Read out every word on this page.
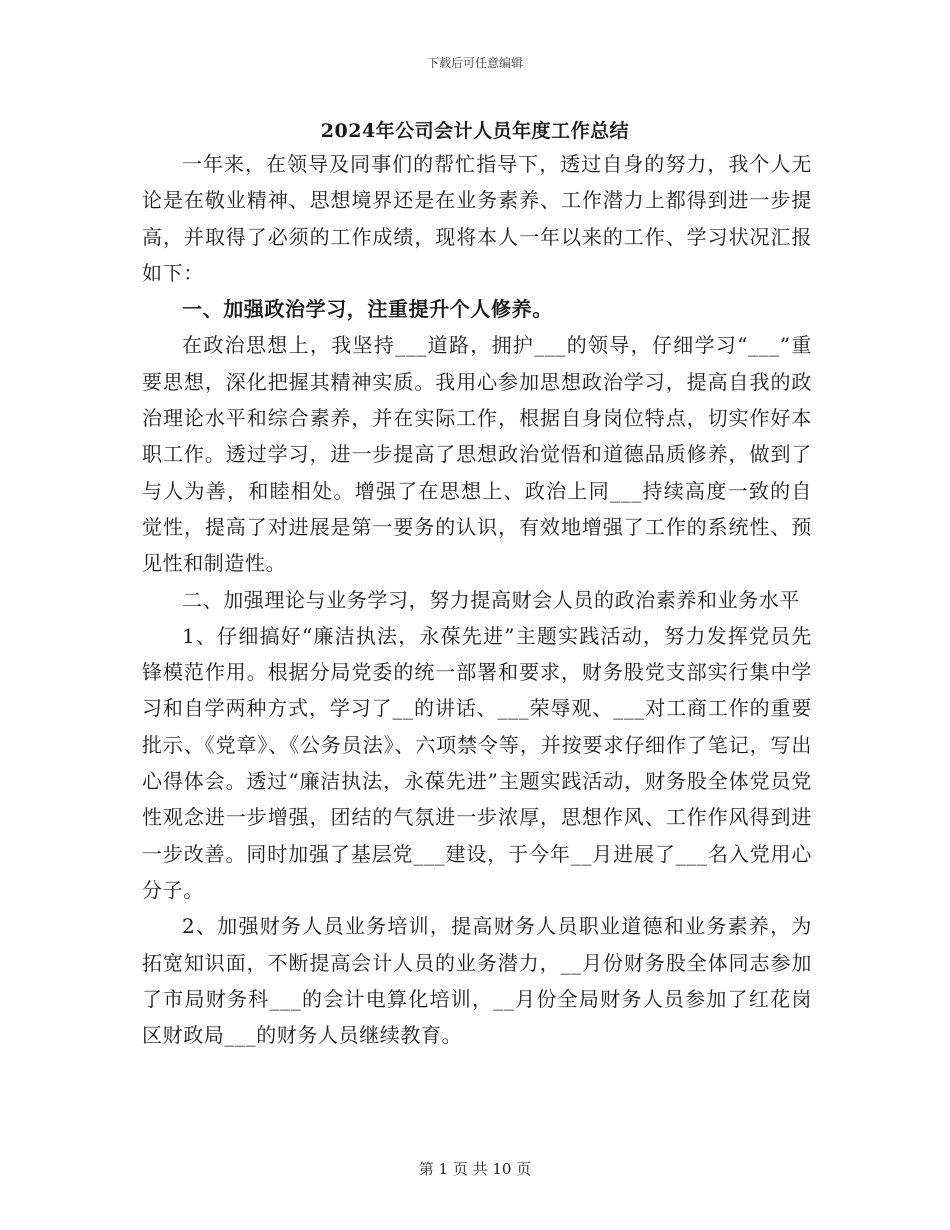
下载后可任意编辑
2024年公司会计人员年度工作总结

一年来，在领导及同事们的帮忙指导下，透过自身的努力，我个人无论是在敬业精神、思想境界还是在业务素养、工作潜力上都得到进一步提高，并取得了必须的工作成绩，现将本人一年以来的工作、学习状况汇报如下：

一、加强政治学习，注重提升个人修养。

在政治思想上，我坚持___道路，拥护___的领导，仔细学习“___”重要思想，深化把握其精神实质。我用心参加思想政治学习，提高自我的政治理论水平和综合素养，并在实际工作，根据自身岗位特点，切实作好本职工作。透过学习，进一步提高了思想政治觉悟和道德品质修养，做到了与人为善，和睦相处。增强了在思想上、政治上同___持续高度一致的自觉性，提高了对进展是第一要务的认识，有效地增强了工作的系统性、预见性和制造性。

二、加强理论与业务学习，努力提高财会人员的政治素养和业务水平

1、仔细搞好“廉洁执法，永葆先进”主题实践活动，努力发挥党员先锋模范作用。根据分局党委的统一部署和要求，财务股党支部实行集中学习和自学两种方式，学习了__的讲话、___荣辱观、___对工商工作的重要批示、《党章》、《公务员法》、六项禁令等，并按要求仔细作了笔记，写出心得体会。透过“廉洁执法，永葆先进”主题实践活动，财务股全体党员党性观念进一步增强，团结的气氛进一步浓厚，思想作风、工作作风得到进一步改善。同时加强了基层党___建设，于今年__月进展了___名入党用心分子。

2、加强财务人员业务培训，提高财务人员职业道德和业务素养，为拓宽知识面，不断提高会计人员的业务潜力，__月份财务股全体同志参加了市局财务科___的会计电算化培训，__月份全局财务人员参加了红花岗区财政局___的财务人员继续教育。

第 1 页 共 10 页
